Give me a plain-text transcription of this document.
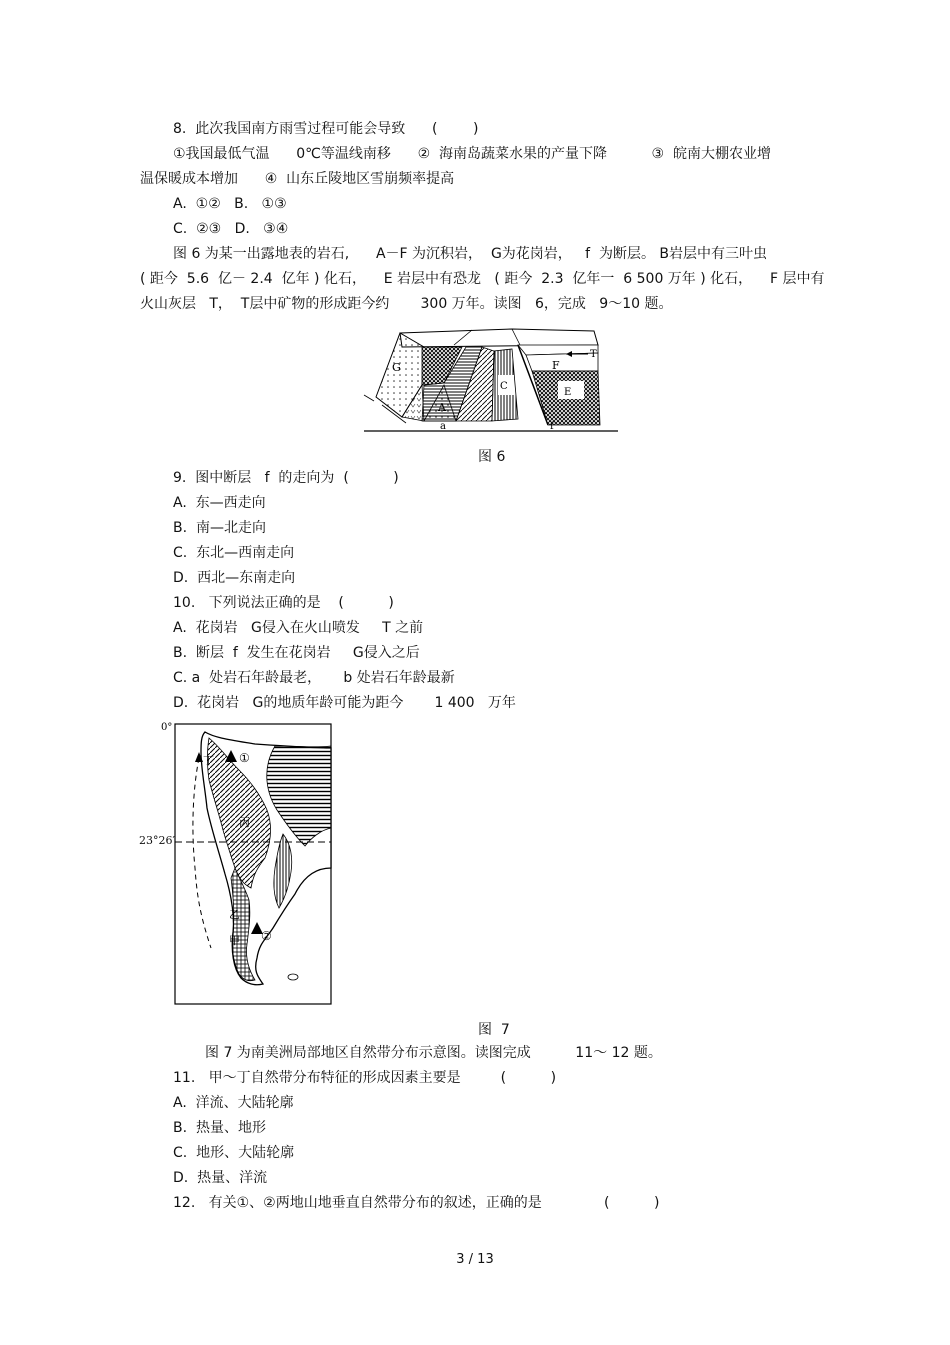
8.  此次我国南方雨雪过程可能会导致      (        )
①我国最低气温      0℃等温线南移      ②  海南岛蔬菜水果的产量下降          ③  皖南大棚农业增
温保暖成本增加      ④  山东丘陵地区雪崩频率提高
A.  ①②   B.   ①③
C.  ②③   D.   ③④
图 6 为某一出露地表的岩石,      A－F 为沉积岩，  G为花岗岩，   f  为断层。 B岩层中有三叶虫
( 距今  5.6  亿－ 2.4  亿年 ) 化石，    E 岩层中有恐龙   ( 距今  2.3  亿年一  6 500 万年 ) 化石，    F 层中有
火山灰层   T，  T层中矿物的形成距今约       300 万年。读图   6，完成   9～10 题。
G	F
T
A
C
E
a	f
图 6
9.  图中断层   f  的走向为  (          )
A.  东—西走向
B.  南—北走向
C.  东北—西南走向
D.  西北—东南走向
10.   下列说法正确的是    (          )
A.  花岗岩   G侵入在火山喷发     T 之前
B.  断层  f  发生在花岗岩     G侵入之后
C. a  处岩石年龄最老，     b 处岩石年龄最新
D.  花岗岩   G的地质年龄可能为距今       1 400   万年
0°
丁 ①
丙
乙
甲 ②
23°26′
图  7
图 7 为南美洲局部地区自然带分布示意图。读图完成          11～ 12 题。
11.   甲～丁自然带分布特征的形成因素主要是         (          )
A.  洋流、大陆轮廓
B.  热量、地形
C.  地形、大陆轮廓
D.  热量、洋流
12.   有关①、②两地山地垂直自然带分布的叙述，正确的是              (          )
3 / 13
